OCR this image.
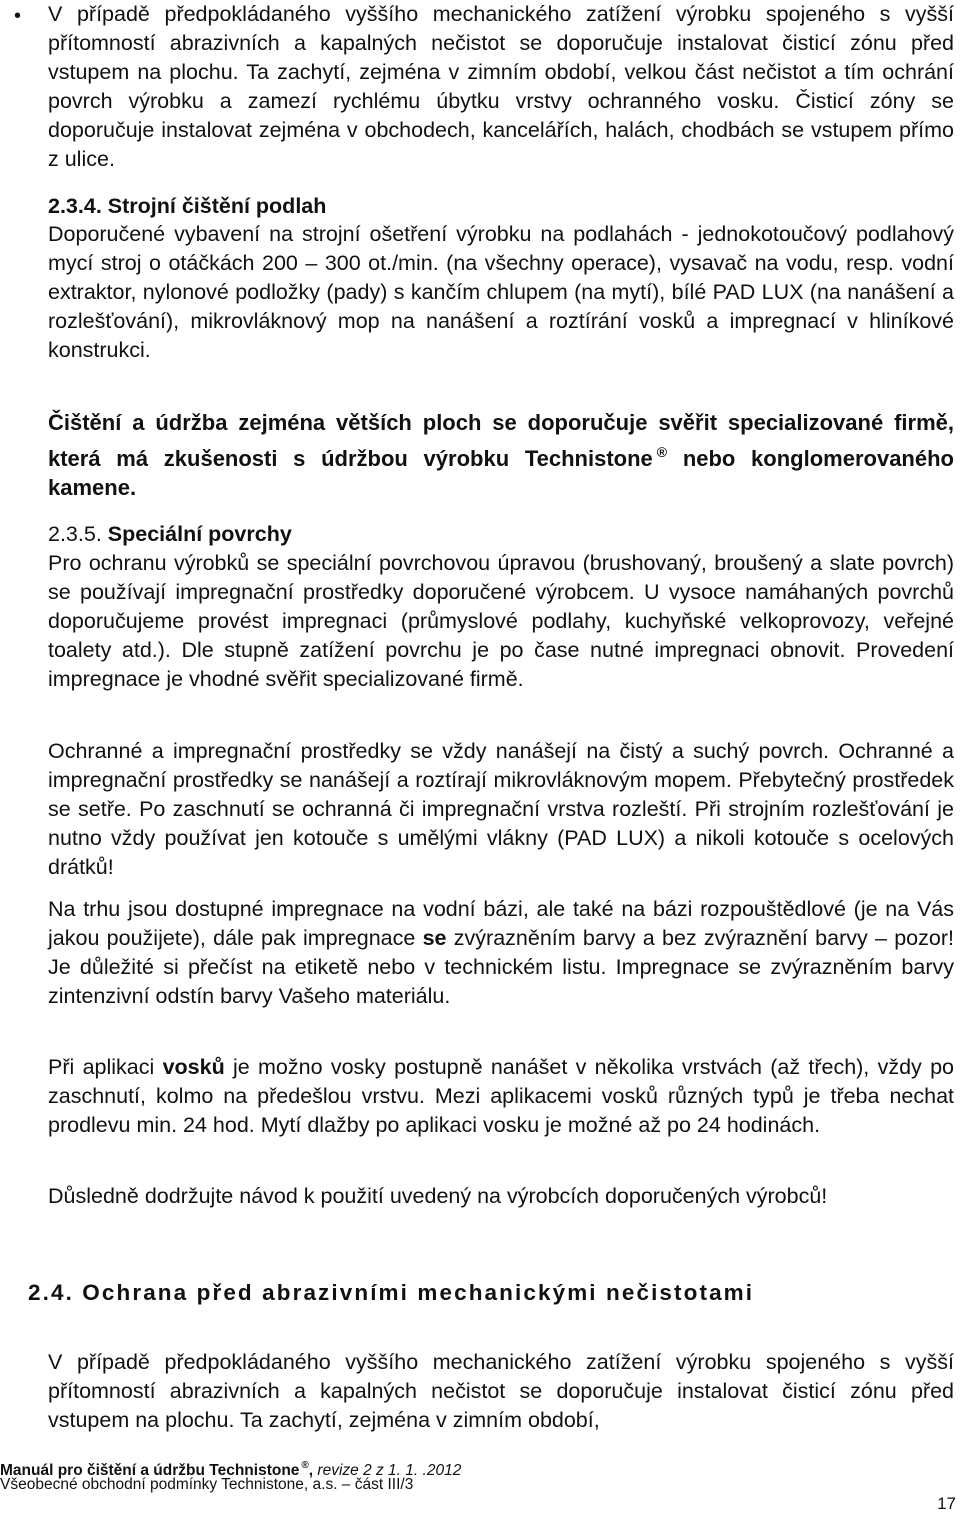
• V případě předpokládaného vyššího mechanického zatížení výrobku spojeného s vyšší přítomností abrazivních a kapalných nečistot se doporučuje instalovat čisticí zónu před vstupem na plochu. Ta zachytí, zejména v zimním období, velkou část nečistot a tím ochrání povrch výrobku a zamezí rychlému úbytku vrstvy ochranného vosku. Čisticí zóny se doporučuje instalovat zejména v obchodech, kancelářích, halách, chodbách se vstupem přímo z ulice.

2.3.4. Strojní čištění podlah

Doporučené vybavení na strojní ošetření výrobku na podlahách - jednokotoučový podlahový mycí stroj o otáčkách 200 – 300 ot./min. (na všechny operace), vysavač na vodu, resp. vodní extraktor, nylonové podložky (pady) s kančím chlupem (na mytí), bílé PAD LUX (na nanášení a rozlešťování), mikrovláknový mop na nanášení a roztírání vosků a impregnací v hliníkové konstrukci.

Čištění a údržba zejména větších ploch se doporučuje svěřit specializované firmě, která má zkušenosti s údržbou výrobku Technistone ® nebo konglomerovaného kamene.

2.3.5. Speciální povrchy

Pro ochranu výrobků se speciální povrchovou úpravou (brushovaný, broušený a slate povrch) se používají impregnační prostředky doporučené výrobcem. U vysoce namáhaných povrchů doporučujeme provést impregnaci (průmyslové podlahy, kuchyňské velkoprovozy, veřejné toalety atd.). Dle stupně zatížení povrchu je po čase nutné impregnaci obnovit. Provedení impregnace je vhodné svěřit specializované firmě.

Ochranné a impregnační prostředky se vždy nanášejí na čistý a suchý povrch. Ochranné a impregnační prostředky se nanášejí a roztírají mikrovláknovým mopem. Přebytečný prostředek se setře. Po zaschnutí se ochranná či impregnační vrstva rozleští. Při strojním rozlešťování je nutno vždy používat jen kotouče s umělými vlákny (PAD LUX) a nikoli kotouče s ocelových drátků!

Na trhu jsou dostupné impregnace na vodní bázi, ale také na bázi rozpouštědlové (je na Vás jakou použijete), dále pak impregnace se zvýrazněním barvy a bez zvýraznění barvy – pozor! Je důležité si přečíst na etiketě nebo v technickém listu. Impregnace se zvýrazněním barvy zintenzivní odstín barvy Vašeho materiálu.

Při aplikaci vosků je možno vosky postupně nanášet v několika vrstvách (až třech), vždy po zaschnutí, kolmo na předešlou vrstvu. Mezi aplikacemi vosků různých typů je třeba nechat prodlevu min. 24 hod. Mytí dlažby po aplikaci vosku je možné až po 24 hodinách.

Důsledně dodržujte návod k použití uvedený na výrobcích doporučených výrobců!

2.4. Ochrana před abrazivními mechanickými nečistotami

V případě předpokládaného vyššího mechanického zatížení výrobku spojeného s vyšší přítomností abrazivních a kapalných nečistot se doporučuje instalovat čisticí zónu před vstupem na plochu. Ta zachytí, zejména v zimním období,

Manuál pro čištění a údržbu Technistone ®, revize 2 z 1. 1. .2012
Všeobecné obchodní podmínky Technistone, a.s. – část III/3
17
